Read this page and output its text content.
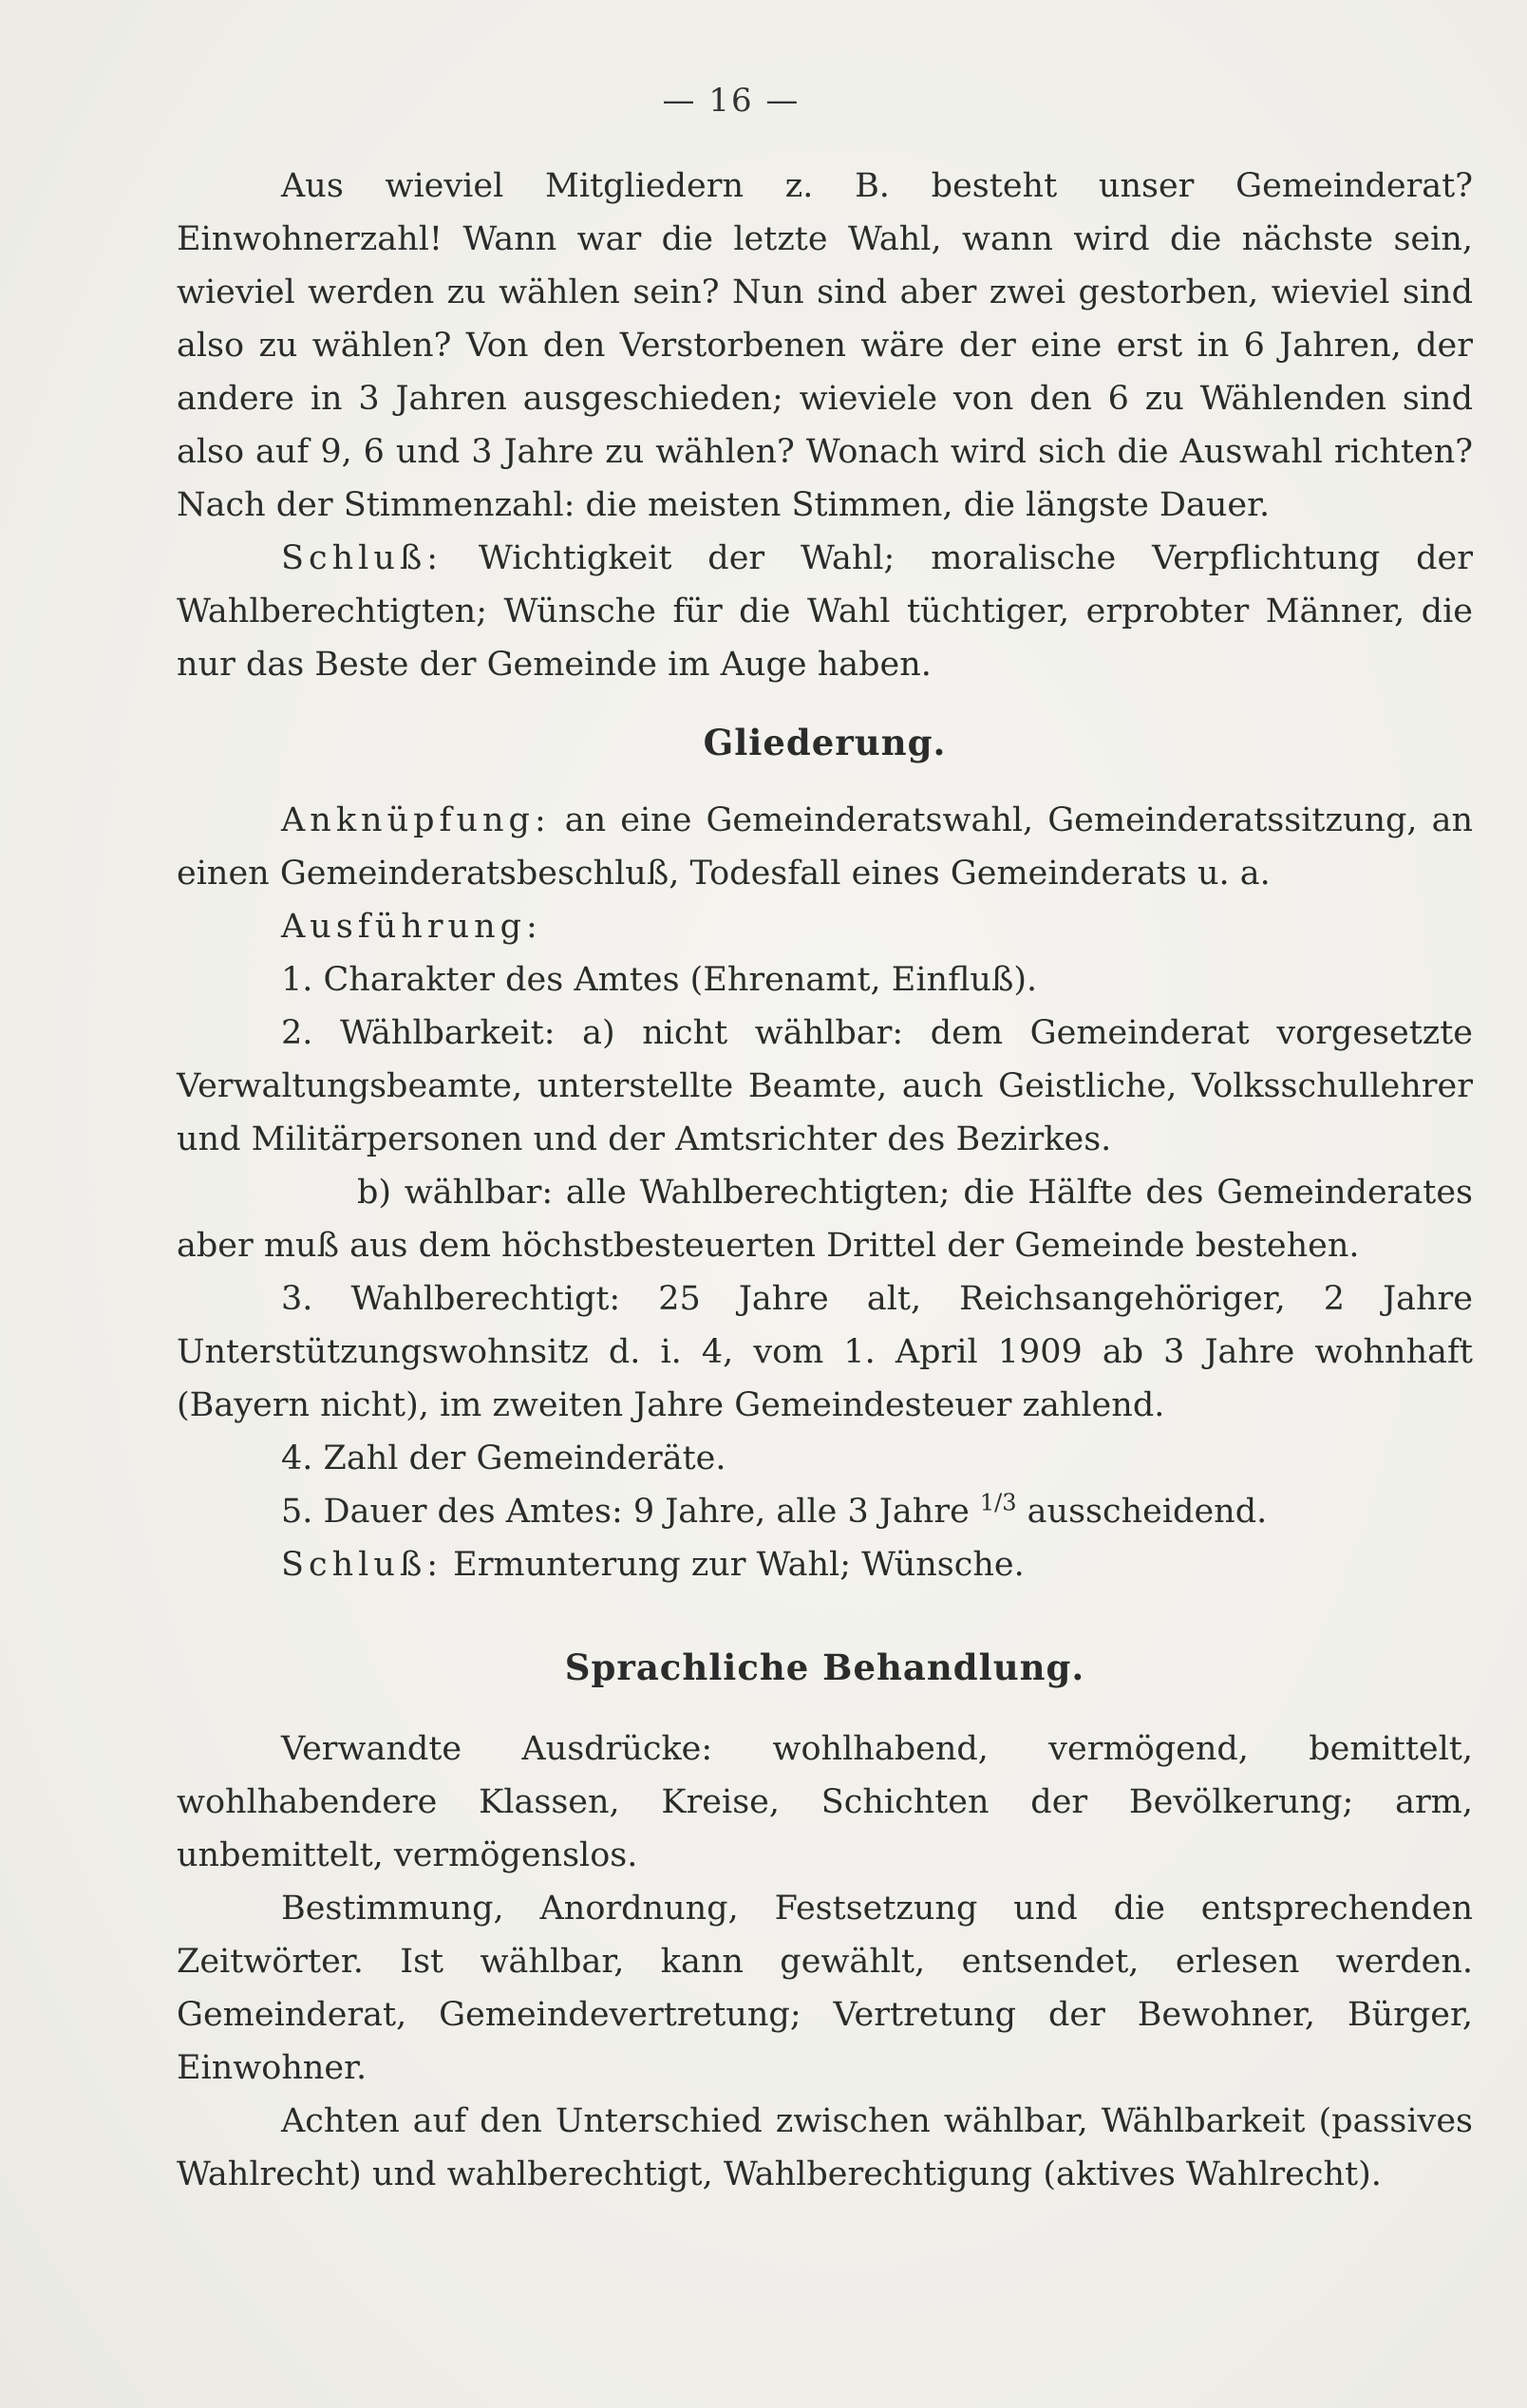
— 16 —

Aus wieviel Mitgliedern z. B. besteht unser Gemeinderat? Einwohnerzahl! Wann war die letzte Wahl, wann wird die nächste sein, wieviel werden zu wählen sein? Nun sind aber zwei gestorben, wieviel sind also zu wählen? Von den Verstorbenen wäre der eine erst in 6 Jahren, der andere in 3 Jahren ausgeschieden; wieviele von den 6 zu Wählenden sind also auf 9, 6 und 3 Jahre zu wählen? Wonach wird sich die Auswahl richten? Nach der Stimmenzahl: die meisten Stimmen, die längste Dauer.

Schluß: Wichtigkeit der Wahl; moralische Verpflichtung der Wahlberechtigten; Wünsche für die Wahl tüchtiger, erprobter Männer, die nur das Beste der Gemeinde im Auge haben.

Gliederung.

Anknüpfung: an eine Gemeinderatswahl, Gemeinderatssitzung, an einen Gemeinderatsbeschluß, Todesfall eines Gemeinderats u. a.

Ausführung:

1. Charakter des Amtes (Ehrenamt, Einfluß).

2. Wählbarkeit: a) nicht wählbar: dem Gemeinderat vorgesetzte Verwaltungsbeamte, unterstellte Beamte, auch Geistliche, Volksschullehrer und Militärpersonen und der Amtsrichter des Bezirkes.

b) wählbar: alle Wahlberechtigten; die Hälfte des Gemeinderates aber muß aus dem höchstbesteuerten Drittel der Gemeinde bestehen.

3. Wahlberechtigt: 25 Jahre alt, Reichsangehöriger, 2 Jahre Unterstützungswohnsitz d. i. 4, vom 1. April 1909 ab 3 Jahre wohnhaft (Bayern nicht), im zweiten Jahre Gemeindesteuer zahlend.

4. Zahl der Gemeinderäte.

5. Dauer des Amtes: 9 Jahre, alle 3 Jahre $^{1/3}$ ausscheidend.

Schluß: Ermunterung zur Wahl; Wünsche.

Sprachliche Behandlung.

Verwandte Ausdrücke: wohlhabend, vermögend, bemittelt, wohlhabendere Klassen, Kreise, Schichten der Bevölkerung; arm, unbemittelt, vermögenslos.

Bestimmung, Anordnung, Festsetzung und die entsprechenden Zeitwörter. Ist wählbar, kann gewählt, entsendet, erlesen werden. Gemeinderat, Gemeindevertretung; Vertretung der Bewohner, Bürger, Einwohner.

Achten auf den Unterschied zwischen wählbar, Wählbarkeit (passives Wahlrecht) und wahlberechtigt, Wahlberechtigung (aktives Wahlrecht).
